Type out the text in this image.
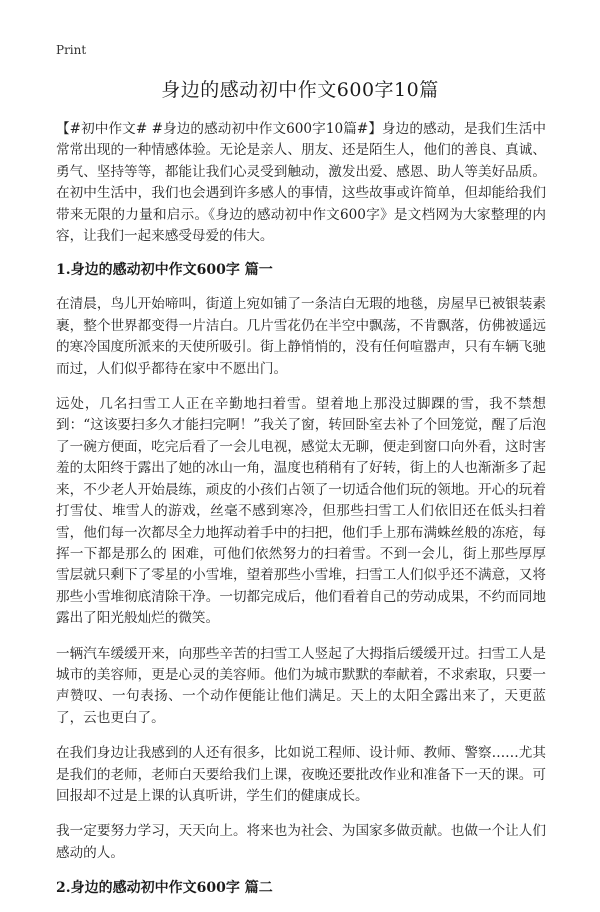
Print
身边的感动初中作文600字10篇

【#初中作文# #身边的感动初中作文600字10篇#】身边的感动，是我们生活中常常出现的一种情感体验。无论是亲人、朋友、还是陌生人，他们的善良、真诚、勇气、坚持等等，都能让我们心灵受到触动，激发出爱、感恩、助人等美好品质。在初中生活中，我们也会遇到许多感人的事情，这些故事或许简单，但却能给我们带来无限的力量和启示。《身边的感动初中作文600字》是文档网为大家整理的内容，让我们一起来感受母爱的伟大。

1.身边的感动初中作文600字 篇一

在清晨，鸟儿开始啼叫，街道上宛如铺了一条洁白无瑕的地毯，房屋早已被银装素裹，整个世界都变得一片洁白。几片雪花仍在半空中飘荡，不肯飘落，仿佛被遥远的寒冷国度所派来的天使所吸引。街上静悄悄的，没有任何喧嚣声，只有车辆飞驰而过，人们似乎都待在家中不愿出门。

远处，几名扫雪工人正在辛勤地扫着雪。望着地上那没过脚踝的雪，我不禁想到：“这该要扫多久才能扫完啊！”我关了窗，转回卧室去补了个回笼觉，醒了后泡了一碗方便面，吃完后看了一会儿电视，感觉太无聊，便走到窗口向外看，这时害羞的太阳终于露出了她的冰山一角，温度也稍稍有了好转，街上的人也渐渐多了起来，不少老人开始晨练，顽皮的小孩们占领了一切适合他们玩的领地。开心的玩着打雪仗、堆雪人的游戏，丝毫不感到寒冷，但那些扫雪工人们依旧还在低头扫着雪，他们每一次都尽全力地挥动着手中的扫把，他们手上那布满蛛丝般的冻疮，每挥一下都是那么的 困难，可他们依然努力的扫着雪。不到一会儿，街上那些厚厚雪层就只剩下了零星的小雪堆，望着那些小雪堆，扫雪工人们似乎还不满意，又将那些小雪堆彻底清除干净。一切都完成后，他们看着自己的劳动成果，不约而同地露出了阳光般灿烂的微笑。

一辆汽车缓缓开来，向那些辛苦的扫雪工人竖起了大拇指后缓缓开过。扫雪工人是城市的美容师，更是心灵的美容师。他们为城市默默的奉献着，不求索取，只要一声赞叹、一句表扬、一个动作便能让他们满足。天上的太阳全露出来了，天更蓝了，云也更白了。

在我们身边让我感到的人还有很多，比如说工程师、设计师、教师、警察……尤其是我们的老师，老师白天要给我们上课，夜晚还要批改作业和准备下一天的课。可回报却不过是上课的认真听讲，学生们的健康成长。

我一定要努力学习，天天向上。将来也为社会、为国家多做贡献。也做一个让人们感动的人。

2.身边的感动初中作文600字 篇二
